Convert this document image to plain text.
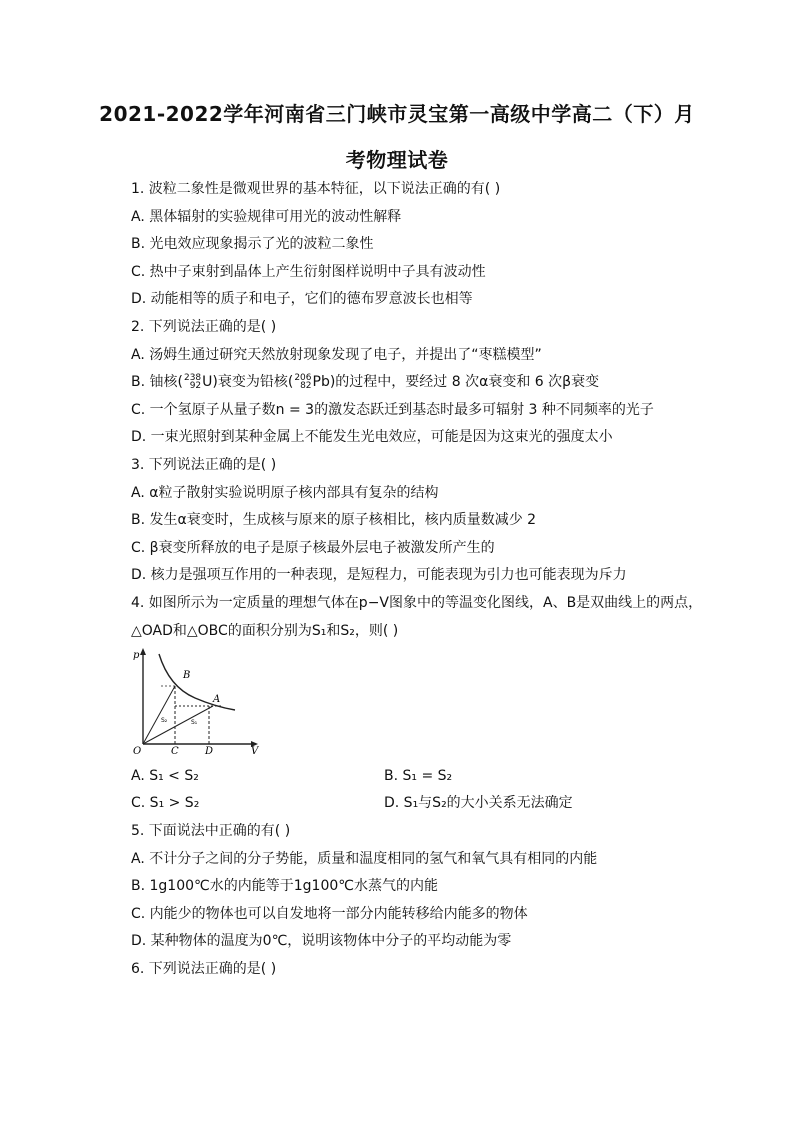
2021-2022学年河南省三门峡市灵宝第一高级中学高二（下）月
考物理试卷
1. 波粒二象性是微观世界的基本特征，以下说法正确的有( )
A. 黑体辐射的实验规律可用光的波动性解释
B. 光电效应现象揭示了光的波粒二象性
C. 热中子束射到晶体上产生衍射图样说明中子具有波动性
D. 动能相等的质子和电子，它们的德布罗意波长也相等
2. 下列说法正确的是( )
A. 汤姆生通过研究天然放射现象发现了电子，并提出了“枣糕模型”
B. 铀核(238
92U)衰变为铅核(206
82Pb)的过程中，要经过 8 次α衰变和 6 次β衰变
C. 一个氢原子从量子数n = 3的激发态跃迁到基态时最多可辐射 3 种不同频率的光子
D. 一束光照射到某种金属上不能发生光电效应，可能是因为这束光的强度太小
3. 下列说法正确的是( )
A. α粒子散射实验说明原子核内部具有复杂的结构
B. 发生α衰变时，生成核与原来的原子核相比，核内质量数减少 2
C. β衰变所释放的电子是原子核最外层电子被激发所产生的
D. 核力是强项互作用的一种表现，是短程力，可能表现为引力也可能表现为斥力
4. 如图所示为一定质量的理想气体在p−V图象中的等温变化图线，A、B是双曲线上的两点，
△OAD和△OBC的面积分别为S₁和S₂，则( )
p
B
A
S₂	S₁
O	C	D	V
A. S₁ < S₂	B. S₁ = S₂
C. S₁ > S₂	D. S₁与S₂的大小关系无法确定
5. 下面说法中正确的有( )
A. 不计分子之间的分子势能，质量和温度相同的氢气和氧气具有相同的内能
B. 1g100℃水的内能等于1g100℃水蒸气的内能
C. 内能少的物体也可以自发地将一部分内能转移给内能多的物体
D. 某种物体的温度为0℃，说明该物体中分子的平均动能为零
6. 下列说法正确的是( )
